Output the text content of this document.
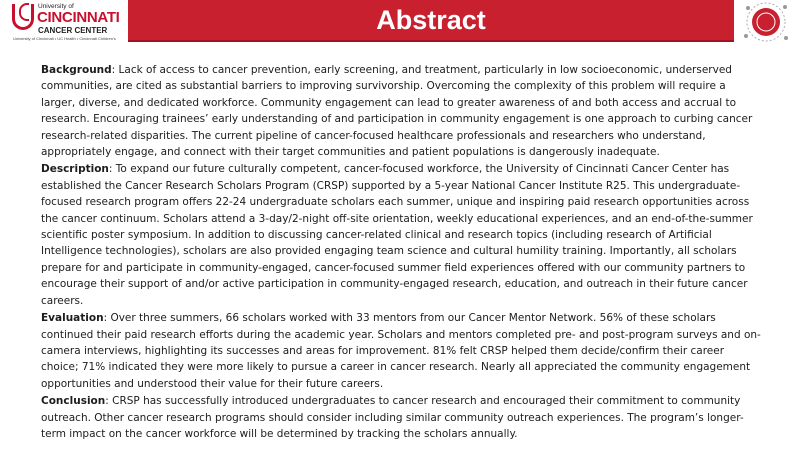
University of
CINCINNATI
CANCER CENTER
University of Cincinnati • UC Health • Cincinnati Children's
Abstract

Background: Lack of access to cancer prevention, early screening, and treatment, particularly in low socioeconomic, underserved communities, are cited as substantial barriers to improving survivorship. Overcoming the complexity of this problem will require a larger, diverse, and dedicated workforce. Community engagement can lead to greater awareness of and both access and accrual to research. Encouraging trainees’ early understanding of and participation in community engagement is one approach to curbing cancer research-related disparities. The current pipeline of cancer-focused healthcare professionals and researchers who understand, appropriately engage, and connect with their target communities and patient populations is dangerously inadequate.

Description: To expand our future culturally competent, cancer-focused workforce, the University of Cincinnati Cancer Center has established the Cancer Research Scholars Program (CRSP) supported by a 5-year National Cancer Institute R25. This undergraduate-focused research program offers 22-24 undergraduate scholars each summer, unique and inspiring paid research opportunities across the cancer continuum. Scholars attend a 3-day/2-night off-site orientation, weekly educational experiences, and an end-of-the-summer scientific poster symposium. In addition to discussing cancer-related clinical and research topics (including research of Artificial Intelligence technologies), scholars are also provided engaging team science and cultural humility training. Importantly, all scholars prepare for and participate in community-engaged, cancer-focused summer field experiences offered with our community partners to encourage their support of and/or active participation in community-engaged research, education, and outreach in their future cancer careers.

Evaluation: Over three summers, 66 scholars worked with 33 mentors from our Cancer Mentor Network. 56% of these scholars continued their paid research efforts during the academic year. Scholars and mentors completed pre- and post-program surveys and on-camera interviews, highlighting its successes and areas for improvement. 81% felt CRSP helped them decide/confirm their career choice; 71% indicated they were more likely to pursue a career in cancer research. Nearly all appreciated the community engagement opportunities and understood their value for their future careers.

Conclusion: CRSP has successfully introduced undergraduates to cancer research and encouraged their commitment to community outreach. Other cancer research programs should consider including similar community outreach experiences. The program’s longer-term impact on the cancer workforce will be determined by tracking the scholars annually.
